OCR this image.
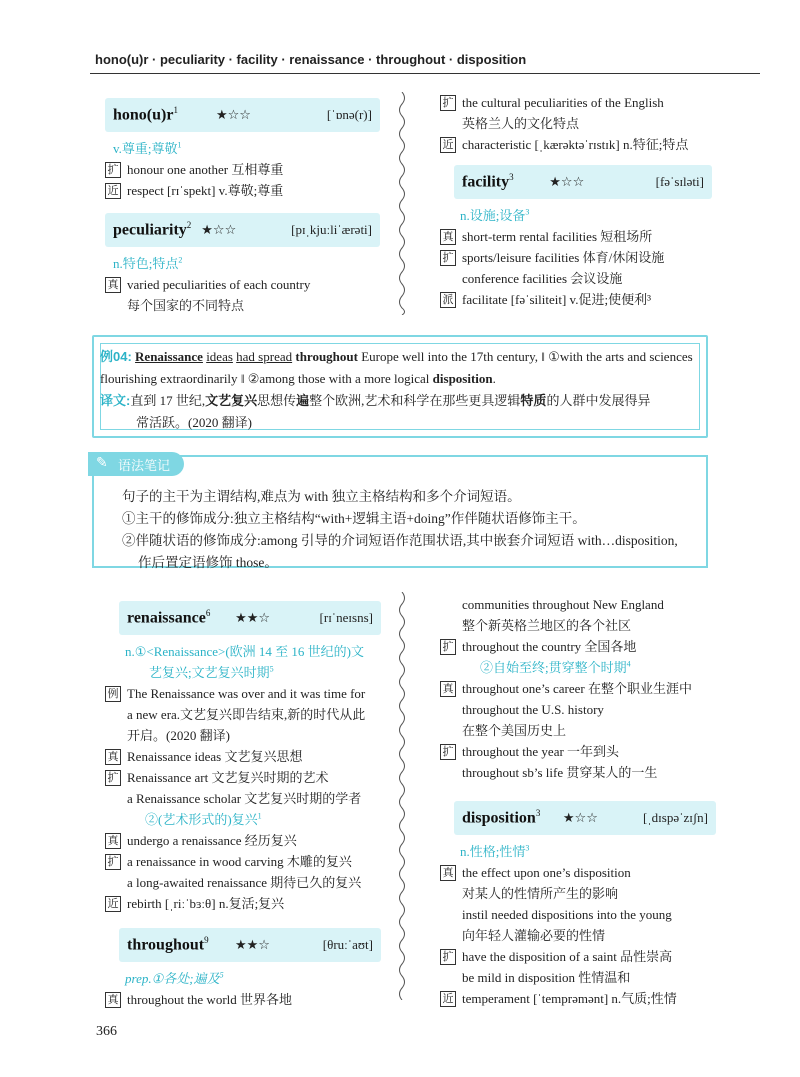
hono(u)r · peculiarity · facility · renaissance · throughout · disposition
$hono(u)r^1$	★☆☆	[ˈɒnə(r)]
v.尊重;尊敬$^1$
扩 honour one another 互相尊重
近 respect [rɪˈspekt] v.尊敬;尊重
peculiarity$^2$ ★☆☆	[pɪˌkjuːliˈærəti]
n.特色;特点$^2$
真 varied peculiarities of each country
每个国家的不同特点
扩 the cultural peculiarities of the English
英格兰人的文化特点
近 characteristic [ˌkærəktəˈrɪstɪk] n.特征;特点
facility$^3$	★☆☆	[fəˈsɪləti]
n.设施;设备$^3$
真 short-term rental facilities 短租场所
扩 sports/leisure facilities 体育/休闲设施
conference facilities 会议设施
派 facilitate [fəˈsiliteit] v.促进;使便利³
例04: Renaissance ideas had spread throughout Europe well into the 17th century, ‖ ①with the arts and sciences flourishing extraordinarily ‖ ②among those with a more logical disposition.
译文:直到 17 世纪,文艺复兴思想传遍整个欧洲,艺术和科学在那些更具逻辑特质的人群中发展得异
常活跃。(2020 翻译)
✎ 语法笔记
句子的主干为主谓结构,难点为 with 独立主格结构和多个介词短语。
①主干的修饰成分:独立主格结构“with+逻辑主语+doing”作伴随状语修饰主干。
②伴随状语的修饰成分:among 引导的介词短语作范围状语,其中嵌套介词短语 with…disposition,
作后置定语修饰 those。
renaissance$^6$ ★★☆	[rɪˈneɪsns]
n.①<Renaissance>(欧洲 14 至 16 世纪的)文
艺复兴;文艺复兴时期$^5$
例 The Renaissance was over and it was time for
a new era.文艺复兴即告结束,新的时代从此
开启。(2020 翻译)
真 Renaissance ideas 文艺复兴思想
扩 Renaissance art 文艺复兴时期的艺术
a Renaissance scholar 文艺复兴时期的学者
②(艺术形式的)复兴$^1$
真 undergo a renaissance 经历复兴
扩 a renaissance in wood carving 木雕的复兴
a long-awaited renaissance 期待已久的复兴
近 rebirth [ˌriːˈbɜːθ] n.复活;复兴
throughout$^9$ ★★☆	[θruːˈaʊt]
prep.①各处;遍及$^5$
真 throughout the world 世界各地
communities throughout New England
整个新英格兰地区的各个社区
扩 throughout the country 全国各地
②自始至终;贯穿整个时期$^4$
真 throughout one’s career 在整个职业生涯中
throughout the U.S. history
在整个美国历史上
扩 throughout the year 一年到头
throughout sb’s life 贯穿某人的一生
disposition$^3$ ★☆☆	[ˌdɪspəˈzɪʃn]
n.性格;性情$^3$
真 the effect upon one’s disposition
对某人的性情所产生的影响
instil needed dispositions into the young
向年轻人灌输必要的性情
扩 have the disposition of a saint 品性崇高
be mild in disposition 性情温和
近 temperament [ˈtemprəmənt] n.气质;性情
366
